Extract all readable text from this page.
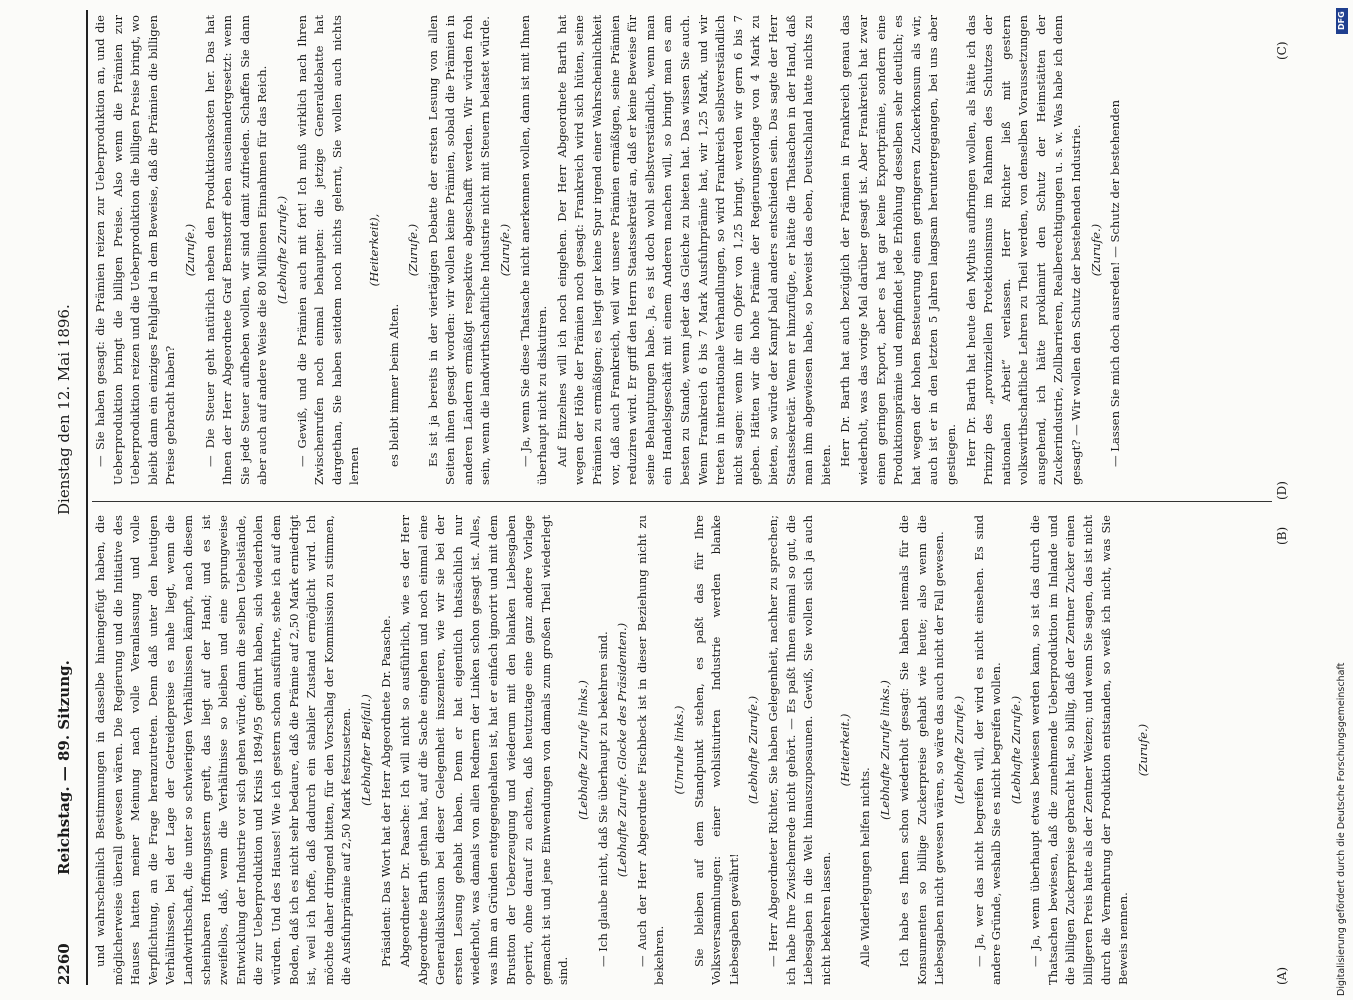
2260
Reichstag. — 89. Sitzung.
Dienstag den 12. Mai 1896.

und wahrscheinlich Bestimmungen in dasselbe hineingefügt haben, die möglicherweise überall gewesen wären. Die Regierung und die Initiative des Hauses hatten meiner Meinung nach volle Veranlassung und volle Verpflichtung, an die Frage heranzutreten. Denn daß unter den heutigen Verhältnissen, bei der Lage der Getreidepreise es nahe liegt, wenn die Landwirthschaft, die unter so schwierigen Verhältnissen kämpft, nach diesem scheinbaren Hoffnungsstern greift, das liegt auf der Hand; und es ist zweifellos, daß, wenn die Verhältnisse so bleiben und eine sprungweise Entwicklung der Industrie vor sich gehen würde, dann die selben Uebelstände, die zur Ueberproduktion und Krisis 1894/95 geführt haben, sich wiederholen würden. Und des Hauses! Wie ich gestern schon ausführte, stehe ich auf dem Boden, daß ich es nicht sehr bedaure, daß die Prämie auf 2,50 Mark erniedrigt ist, weil ich hoffe, daß dadurch ein stabiler Zustand ermöglicht wird. Ich möchte daher dringend bitten, für den Vorschlag der Kommission zu stimmen, die Ausfuhrprämie auf 2,50 Mark festzusetzen. (Lebhafter Beifall.) Präsident: Das Wort hat der Herr Abgeordnete Dr. Paasche. Abgeordneter Dr. Paasche: Ich will nicht so ausführlich, wie es der Herr Abgeordnete Barth gethan hat, auf die Sache eingehen und noch einmal eine Generaldiskussion bei dieser Gelegenheit inszenieren, wie wir sie bei der ersten Lesung gehabt haben. Denn er hat eigentlich thatsächlich nur wiederholt, was damals von allen Rednern der Linken schon gesagt ist. Alles, was ihm an Gründen entgegengehalten ist, hat er einfach ignorirt und mit dem Brustton der Ueberzeugung und wiederum mit den blanken Liebesgaben operirt, ohne darauf zu achten, daß heutzutage eine ganz andere Vorlage gemacht ist und jene Einwendungen von damals zum großen Theil wiederlegt sind.

(Lebhafte Zurufe links.) — Ich glaube nicht, daß Sie überhaupt zu bekehren sind. (Lebhafte Zurufe. Glocke des Präsidenten.) — Auch der Herr Abgeordnete Fischbeck ist in dieser Beziehung nicht zu bekehren.

(Unruhe links.) Sie bleiben auf dem Standpunkt stehen, es paßt das für Ihre Volksversammlungen: einer wohlsituirten Industrie werden blanke Liebesgaben gewährt!

(Lebhafte Zurufe.) — Herr Abgeordneter Richter, Sie haben Gelegenheit, nachher zu sprechen; ich habe Ihre Zwischenrede nicht gehört. — Es paßt Ihnen einmal so gut, die Liebesgaben in die Welt hinauszuposaunen. Gewiß, Sie wollen sich ja auch nicht bekehren lassen.

(Heiterkeit.)

Alle Widerlegungen helfen nichts.

(Lebhafte Zurufe links.) Ich habe es Ihnen schon wiederholt gesagt: Sie haben niemals für die Konsumenten so billige Zuckerpreise gehabt wie heute; also wenn die Liebesgaben nicht gewesen wären, so wäre das auch nicht der Fall gewesen. (Lebhafte Zurufe.) — Ja, wer das nicht begreifen will, der wird es nicht einsehen. Es sind andere Gründe, weshalb Sie es nicht begreifen wollen. (Lebhafte Zurufe.) — Ja, wenn überhaupt etwas bewiesen werden kann, so ist das durch die Thatsachen bewiesen, daß die zunehmende Ueberproduktion im Inlande und die billigen Zuckerpreise gebracht hat, so billig, daß der Zentner Zucker einen billigeren Preis hatte als der Zentner Weizen; und wenn Sie sagen, das ist nicht durch die Vermehrung der Produktion entstanden, so weiß ich nicht, was Sie Beweis nennen.

(Zurufe.)

— Sie haben gesagt: die Prämien reizen zur Ueberproduktion an, und die Ueberproduktion bringt die billigen Preise. Also wenn die Prämien zur Ueberproduktion reizen und die Ueberproduktion die billigen Preise bringt, wo bleibt dann ein einziges Fehlglied in dem Beweise, daß die Prämien die billigen Preise gebracht haben?

(Zurufe.) — Die Steuer geht natürlich neben den Produktionskosten her. Das hat Ihnen der Herr Abgeordnete Graf Bernstorff eben auseinandergesetzt: wenn Sie jede Steuer aufheben wollen, wir sind damit zufrieden. Schaffen Sie dann aber auch auf andere Weise die 80 Millionen Einnahmen für das Reich. (Lebhafte Zurufe.) — Gewiß, und die Prämien auch mit fort! Ich muß wirklich nach Ihren Zwischenrufen noch einmal behaupten: die jetzige Generaldebatte hat dargethan, Sie haben seitdem noch nichts gelernt, Sie wollen auch nichts lernen

(Heiterkeit),

es bleibt immer beim Alten.

(Zurufe.) Es ist ja bereits in der viertägigen Debatte der ersten Lesung von allen Seiten ihnen gesagt worden: wir wollen keine Prämien, sobald die Prämien in anderen Ländern ermäßigt respektive abgeschafft werden. Wir würden froh sein, wenn die landwirthschaftliche Industrie nicht mit Steuern belastet würde. (Zurufe.) — Ja, wenn Sie diese Thatsache nicht anerkennen wollen, dann ist mit Ihnen überhaupt nicht zu diskutiren. Auf Einzelnes will ich noch eingehen. Der Herr Abgeordnete Barth hat wegen der Höhe der Prämien noch gesagt: Frankreich wird sich hüten, seine Prämien zu ermäßigen; es liegt gar keine Spur irgend einer Wahrscheinlichkeit vor, daß auch Frankreich, weil wir unsere Prämien ermäßigen, seine Prämien reduziren wird. Er griff den Herrn Staatssekretär an, daß er keine Beweise für seine Behauptungen habe. Ja, es ist doch wohl selbstverständlich, wenn man ein Handelsgeschäft mit einem Anderen machen will, so bringt man es am besten zu Stande, wenn jeder das Gleiche zu bieten hat. Das wissen Sie auch. Wenn Frankreich 6 bis 7 Mark Ausfuhrprämie hat, wir 1,25 Mark, und wir treten in internationale Verhandlungen, so wird Frankreich selbstverständlich nicht sagen: wenn ihr ein Opfer von 1,25 bringt, werden wir gern 6 bis 7 geben. Hätten wir die hohe Prämie der Regierungsvorlage von 4 Mark zu bieten, so würde der Kampf bald anders entschieden sein. Das sagte der Herr Staatssekretär. Wenn er hinzufügte, er hätte die Thatsachen in der Hand, daß man ihm abgewiesen habe, so beweist das eben, Deutschland hatte nichts zu bieten. Herr Dr. Barth hat auch bezüglich der Prämien in Frankreich genau das wiederholt, was das vorige Mal darüber gesagt ist. Aber Frankreich hat zwar einen geringen Export, aber es hat gar keine Exportprämie, sondern eine Produktionsprämie und empfindet jede Erhöhung desselben sehr deutlich; es hat wegen der hohen Besteuerung einen geringeren Zuckerkonsum als wir, auch ist er in den letzten 5 Jahren langsam heruntergegangen, bei uns aber gestiegen. Herr Dr. Barth hat heute den Mythus aufbringen wollen, als hätte ich das Prinzip des „provinziellen Protektionismus im Rahmen des Schutzes der nationalen Arbeit“ verlassen. Herr Richter ließ mit gestern volkswirthschaftliche Lehren zu Theil werden, von denselben Voraussetzungen ausgehend, ich hätte proklamirt den Schutz der Heimstätten der Zuckerindustrie, Zollbarrieren, Realberechtigungen u. s. w. Was habe ich denn gesagt? — Wir wollen den Schutz der bestehenden Industrie. (Zurufe.) — Lassen Sie mich doch ausreden! — Schutz der bestehenden

(A)
(B)
(C)
(D)
DFG
Digitalisierung gefördert durch die Deutsche Forschungsgemeinschaft
